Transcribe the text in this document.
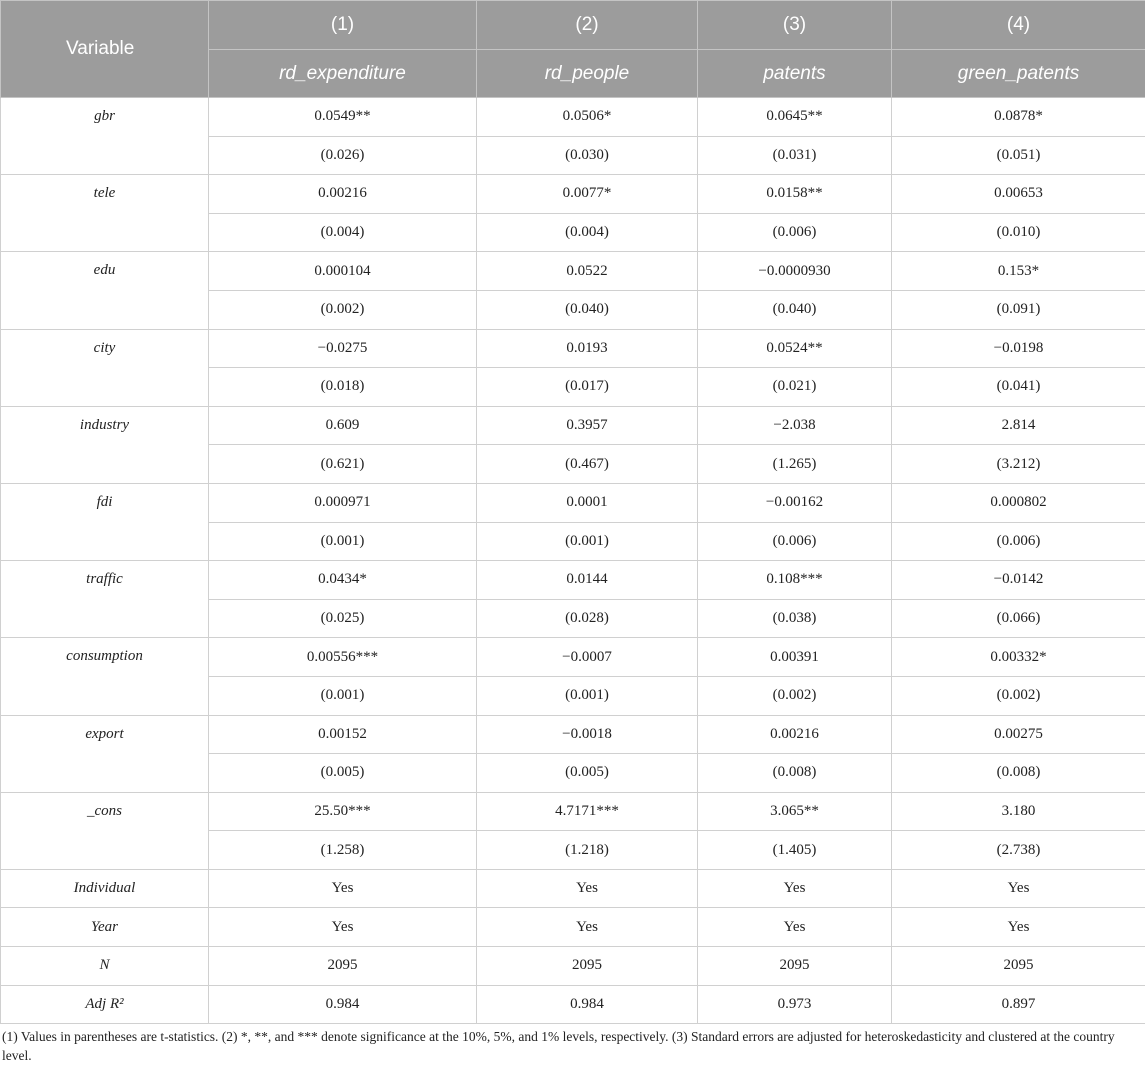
Variable	(1)	(2)	(3)	(4)
	rd_expenditure	rd_people	patents	green_patents
gbr	0.0549**	0.0506*	0.0645**	0.0878*
	(0.026)	(0.030)	(0.031)	(0.051)
tele	0.00216	0.0077*	0.0158**	0.00653
	(0.004)	(0.004)	(0.006)	(0.010)
edu	0.000104	0.0522	−0.0000930	0.153*
	(0.002)	(0.040)	(0.040)	(0.091)
city	−0.0275	0.0193	0.0524**	−0.0198
	(0.018)	(0.017)	(0.021)	(0.041)
industry	0.609	0.3957	−2.038	2.814
	(0.621)	(0.467)	(1.265)	(3.212)
fdi	0.000971	0.0001	−0.00162	0.000802
	(0.001)	(0.001)	(0.006)	(0.006)
traffic	0.0434*	0.0144	0.108***	−0.0142
	(0.025)	(0.028)	(0.038)	(0.066)
consumption	0.00556***	−0.0007	0.00391	0.00332*
	(0.001)	(0.001)	(0.002)	(0.002)
export	0.00152	−0.0018	0.00216	0.00275
	(0.005)	(0.005)	(0.008)	(0.008)
_cons	25.50***	4.7171***	3.065**	3.180
	(1.258)	(1.218)	(1.405)	(2.738)
Individual	Yes	Yes	Yes	Yes
Year	Yes	Yes	Yes	Yes
N	2095	2095	2095	2095
Adj R²	0.984	0.984	0.973	0.897
(1) Values in parentheses are t-statistics. (2) *, **, and *** denote significance at the 10%, 5%, and 1% levels, respectively. (3) Standard errors are adjusted for heteroskedasticity and clustered at the country level.
